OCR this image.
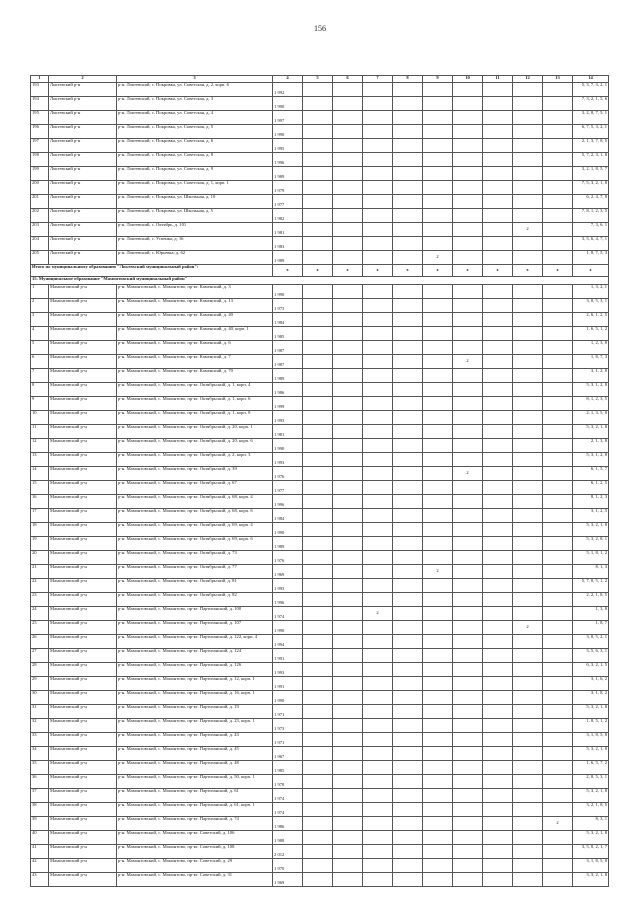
156
1	2	3	4	5	6	7	8	9	10	11	12	13	14	
193	Локтевский р-н	р-н. Локтевский, с. Покровка, ул. Советская, д. 2, корп. 6	1 992										5, 3, 7, 3, 2, 1	
194	Локтевский р-н	р-н. Локтевский, с. Покровка, ул. Советская, д. 3	1 990										7, 3, 2, 1, 5, 6	
195	Локтевский р-н	р-н. Локтевский, с. Покровка, ул. Советская, д. 4	1 997										3, 2, 8, 7, 5, 1	
196	Локтевский р-н	р-н. Локтевский, с. Покровка, ул. Советская, д. 5	1 990										6, 7, 5, 3, 2, 1	
197	Локтевский р-н	р-н. Локтевский, с. Покровка, ул. Советская, д. 6	1 995										2, 1, 3, 7, 8, 5	
198	Локтевский р-н	р-н. Локтевский, с. Покровка, ул. Советская, д. 8	1 996										5, 7, 2, 3, 1, 8	
199	Локтевский р-н	р-н. Локтевский, с. Покровка, ул. Советская, д. 9	1 989										3, 2, 1, 8, 5, 7	
200	Локтевский р-н	р-н. Локтевский, с. Покровка, ул. Советская, д. 1, корп. 1	1 979										7, 5, 3, 2, 1, 8	
201	Локтевский р-н	р-н. Локтевский, с. Покровка, ул. Школьная, д. 10	1 977										6, 2, 4, 7, 8	
202	Локтевский р-н	р-н. Локтевский, с. Покровка, ул. Школьная, д. 5	1 982										7, 8, 1, 2, 3, 5	
203	Локтевский р-н	р-н. Локтевский, с. Октябрь, д. 101	1 981								2		7, 3, 6, 1	
204	Локтевский р-н	р-н. Локтевский, с. Успенка, д. 16	1 983										3, 5, 6, 4, 7, 1	
205	Локтевский р-н	р-н. Локтевский, с. Юрьевка, д. 62	1 989					2					1, 8, 7, 5, 3	
Итого по муниципальному образованию "Локтевский муниципальный район":			x	x	x	x	x	x	x	x	x	x	x	
15. Муниципальное образование "Мамонтовский муниципальный район"														
1	Мамонтовский р-н	р-н. Мамонтовский, с. Мамонтово, пр-кт. Каменский, д. 3	1 990										1, 3, 2, 1	
2	Мамонтовский р-н	р-н. Мамонтовский, с. Мамонтово, пр-кт. Каменский, д. 13	1 973										3, 8, 5, 3, 1	
3	Мамонтовский р-н	р-н. Мамонтовский, с. Мамонтово, пр-кт. Каменский, д. 40	1 984										2, 6, 1, 2, 5	
4	Мамонтовский р-н	р-н. Мамонтовский, с. Мамонтово, пр-кт. Каменский, д. 40, корп. 1	1 985										1, 6, 5, 1, 2	
5	Мамонтовский р-н	р-н. Мамонтовский, с. Мамонтово, пр-кт. Каменский, д. 6	1 987										1, 2, 3, 8	
6	Мамонтовский р-н	р-н. Мамонтовский, с. Мамонтово, пр-кт. Каменский, д. 7	1 987						2				1, 8, 7, 3	
7	Мамонтовский р-н	р-н. Мамонтовский, с. Мамонтово, пр-кт. Каменский, д. 70	1 989										3, 1, 2, 8	
8	Мамонтовский р-н	р-н. Мамонтовский, с. Мамонтово, пр-кт. Октябрьский, д. 1, корп. 4	1 986										5, 3, 1, 2, 8	
9	Мамонтовский р-н	р-н. Мамонтовский, с. Мамонтово, пр-кт. Октябрьский, д. 1, корп. 6	1 999										8, 1, 2, 3, 5	
10	Мамонтовский р-н	р-н. Мамонтовский, с. Мамонтово, пр-кт. Октябрьский, д. 1, корп. 8	1 993										2, 1, 3, 5, 8	
11	Мамонтовский р-н	р-н. Мамонтовский, с. Мамонтово, пр-кт. Октябрьский, д. 20, корп. 1	1 981										5, 3, 2, 1, 8	
12	Мамонтовский р-н	р-н. Мамонтовский, с. Мамонтово, пр-кт. Октябрьский, д. 20, корп. 6	1 990										2, 1, 3, 8	
13	Мамонтовский р-н	р-н. Мамонтовский, с. Мамонтово, пр-кт. Октябрьский, д. 2, корп. 3	1 993										5, 3, 1, 2, 8	
14	Мамонтовский р-н	р-н. Мамонтовский, с. Мамонтово, пр-кт. Октябрьский, д. 39	1 976						2				6, 1, 5, 7	
15	Мамонтовский р-н	р-н. Мамонтовский, с. Мамонтово, пр-кт. Октябрьский, д. 67	1 977										6, 1, 2, 5	
16	Мамонтовский р-н	р-н. Мамонтовский, с. Мамонтово, пр-кт. Октябрьский, д. 68, корп. 4	1 996										8, 1, 2, 3	
17	Мамонтовский р-н	р-н. Мамонтовский, с. Мамонтово, пр-кт. Октябрьский, д. 68, корп. 6	1 984										3, 1, 2, 5	
18	Мамонтовский р-н	р-н. Мамонтовский, с. Мамонтово, пр-кт. Октябрьский, д. 69, корп. 4	1 990										5, 3, 2, 1, 8	
19	Мамонтовский р-н	р-н. Мамонтовский, с. Мамонтово, пр-кт. Октябрьский, д. 69, корп. 6	1 989										5, 3, 2, 8, 1	
20	Мамонтовский р-н	р-н. Мамонтовский, с. Мамонтово, пр-кт. Октябрьский, д. 73	1 976										5, 1, 8, 1, 2	
21	Мамонтовский р-н	р-н. Мамонтовский, с. Мамонтово, пр-кт. Октябрьский, д. 77	1 969					2					8, 1, 3	
22	Мамонтовский р-н	р-н. Мамонтовский, с. Мамонтово, пр-кт. Октябрьский, д. 81	1 993										5, 7, 8, 5, 1, 2	
23	Мамонтовский р-н	р-н. Мамонтовский, с. Мамонтово, пр-кт. Октябрьский, д. 82	1 996										2, 2, 1, 8, 5	
24	Мамонтовский р-н	р-н. Мамонтовский, с. Мамонтово, пр-кт. Партизанский, д. 100	1 974			2							1, 3, 8	
25	Мамонтовский р-н	р-н. Мамонтовский, с. Мамонтово, пр-кт. Партизанский, д. 107	1 990								2		1, 8, 7	
26	Мамонтовский р-н	р-н. Мамонтовский, с. Мамонтово, пр-кт. Партизанский, д. 122, корп. 4	1 994										3, 8, 5, 2, 1	
27	Мамонтовский р-н	р-н. Мамонтовский, с. Мамонтово, пр-кт. Партизанский, д. 124	1 991										3, 5, 6, 3, 1	
28	Мамонтовский р-н	р-н. Мамонтовский, с. Мамонтово, пр-кт. Партизанский, д. 126	1 993										6, 3, 2, 1, 5	
29	Мамонтовский р-н	р-н. Мамонтовский, с. Мамонтово, пр-кт. Партизанский, д. 12, корп. 1	1 991										3, 1, 6, 2	
30	Мамонтовский р-н	р-н. Мамонтовский, с. Мамонтово, пр-кт. Партизанский, д. 16, корп. 1	1 990										3, 1, 8, 2	
31	Мамонтовский р-н	р-н. Мамонтовский, с. Мамонтово, пр-кт. Партизанский, д. 19	1 971										5, 3, 2, 1, 8	
32	Мамонтовский р-н	р-н. Мамонтовский, с. Мамонтово, пр-кт. Партизанский, д. 23, корп. 1	1 973										1, 8, 5, 1, 2	
33	Мамонтовский р-н	р-н. Мамонтовский, с. Мамонтово, пр-кт. Партизанский, д. 43	1 971										3, 1, 8, 5, 8	
34	Мамонтовский р-н	р-н. Мамонтовский, с. Мамонтово, пр-кт. Партизанский, д. 45	1 967										5, 3, 2, 1, 8	
35	Мамонтовский р-н	р-н. Мамонтовский, с. Мамонтово, пр-кт. Партизанский, д. 48	1 985										1, 6, 5, 7, 2	
36	Мамонтовский р-н	р-н. Мамонтовский, с. Мамонтово, пр-кт. Партизанский, д. 50, корп. 1	1 978										2, 8, 5, 3, 1	
37	Мамонтовский р-н	р-н. Мамонтовский, с. Мамонтово, пр-кт. Партизанский, д. 61	1 974										5, 3, 2, 1, 8	
38	Мамонтовский р-н	р-н. Мамонтовский, с. Мамонтово, пр-кт. Партизанский, д. 61, корп. 1	1 974										3, 2, 1, 8, 5	
39	Мамонтовский р-н	р-н. Мамонтовский, с. Мамонтово, пр-кт. Партизанский, д. 74	1 986									2	8, 3, 1	
40	Мамонтовский р-н	р-н. Мамонтовский, с. Мамонтово, пр-кт. Советский, д. 106	1 988										5, 3, 2, 1, 8	
41	Мамонтовский р-н	р-н. Мамонтовский, с. Мамонтово, пр-кт. Советский, д. 108	2 012										3, 5, 8, 2, 1, 7	
42	Мамонтовский р-н	р-н. Мамонтовский, с. Мамонтово, пр-кт. Советский, д. 29	1 970										3, 1, 8, 5, 8	
43	Мамонтовский р-н	р-н. Мамонтовский, с. Мамонтово, пр-кт. Советский, д. 31	1 969										3, 3, 2, 1, 8	
